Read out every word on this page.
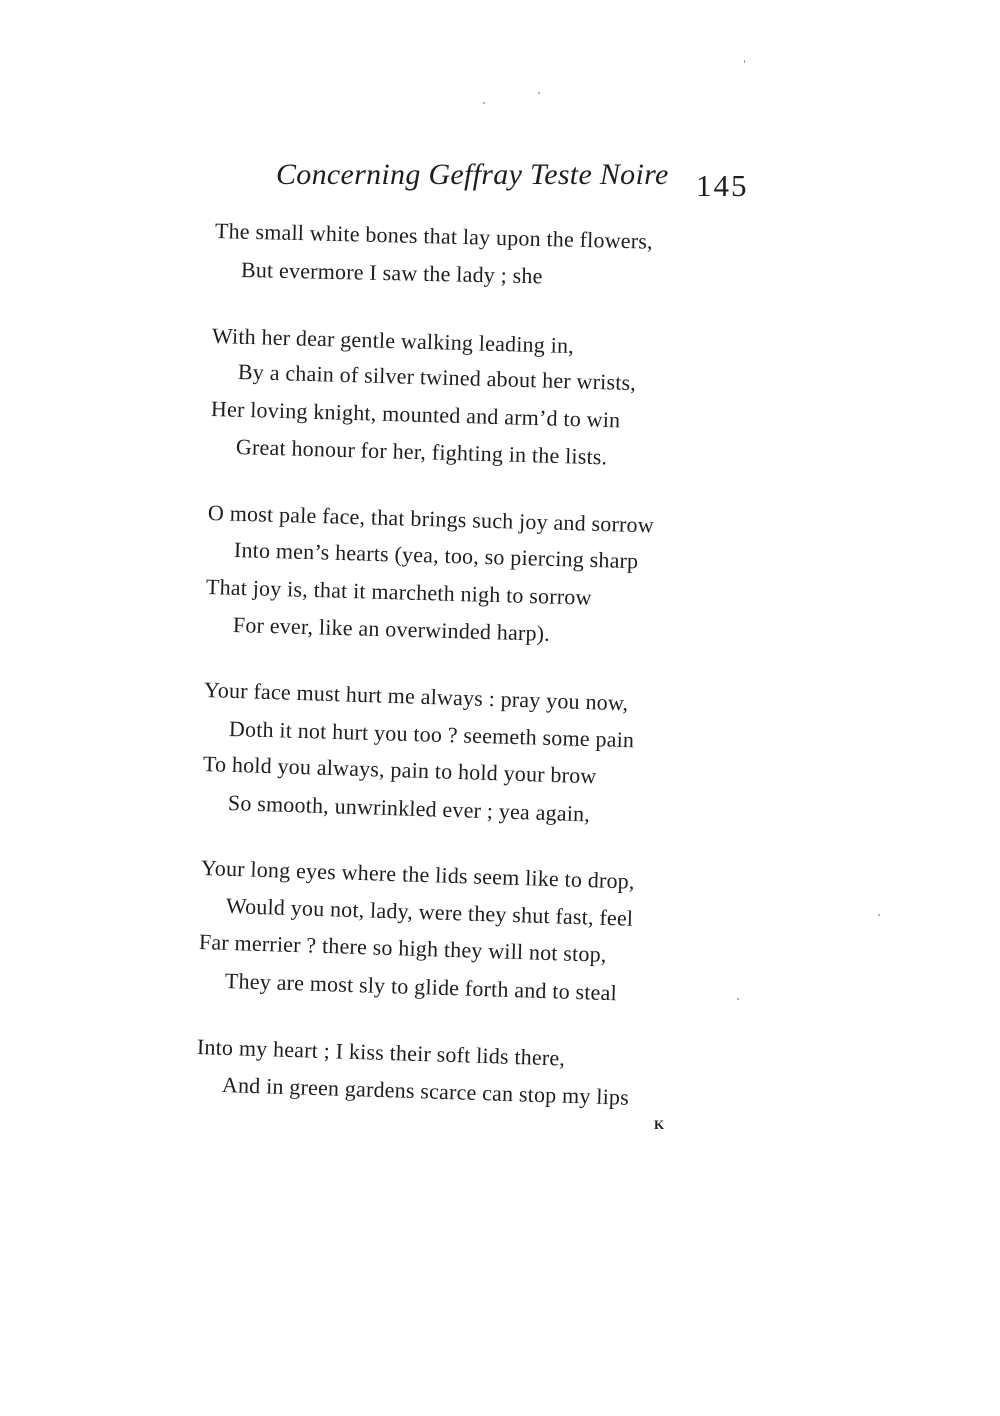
Concerning Geffray Teste Noire 145
The small white bones that lay upon the flowers,
But evermore I saw the lady ; she
With her dear gentle walking leading in,
By a chain of silver twined about her wrists,
Her loving knight, mounted and arm’d to win
Great honour for her, fighting in the lists.
O most pale face, that brings such joy and sorrow
Into men’s hearts (yea, too, so piercing sharp
That joy is, that it marcheth nigh to sorrow
For ever, like an overwinded harp).
Your face must hurt me always : pray you now,
Doth it not hurt you too ? seemeth some pain
To hold you always, pain to hold your brow
So smooth, unwrinkled ever ; yea again,
Your long eyes where the lids seem like to drop,
Would you not, lady, were they shut fast, feel
Far merrier ? there so high they will not stop,
They are most sly to glide forth and to steal
Into my heart ; I kiss their soft lids there,
And in green gardens scarce can stop my lips
K
